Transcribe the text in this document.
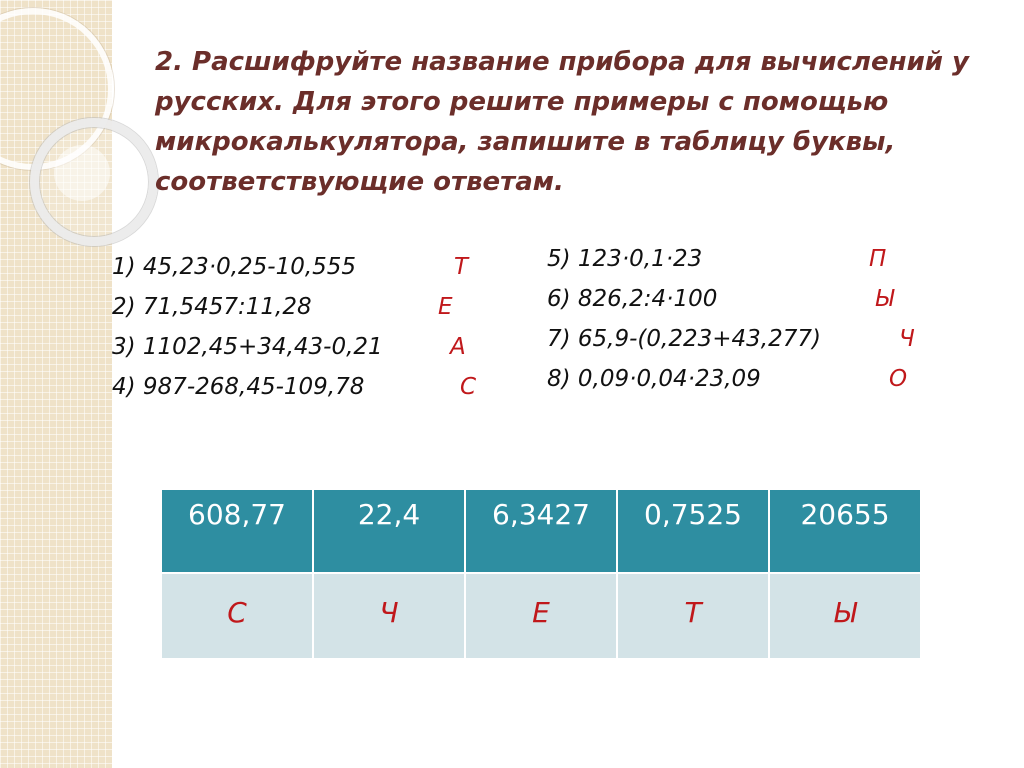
2. Расшифруйте название прибора для вычислений у русских. Для этого решите примеры с помощью микрокалькулятора, запишите в таблицу буквы, соответствующие ответам.

1) 45,23·0,25-10,555	Т
2) 71,5457:11,28	Е
3) 1102,45+34,43-0,21	А
4) 987-268,45-109,78	С
5) 123·0,1·23	П
6) 826,2:4·100	Ы
7) 65,9-(0,223+43,277)	Ч
8) 0,09·0,04·23,09	О
608,77	22,4	6,3427	0,7525	20655
С	Ч	Е	Т	Ы
